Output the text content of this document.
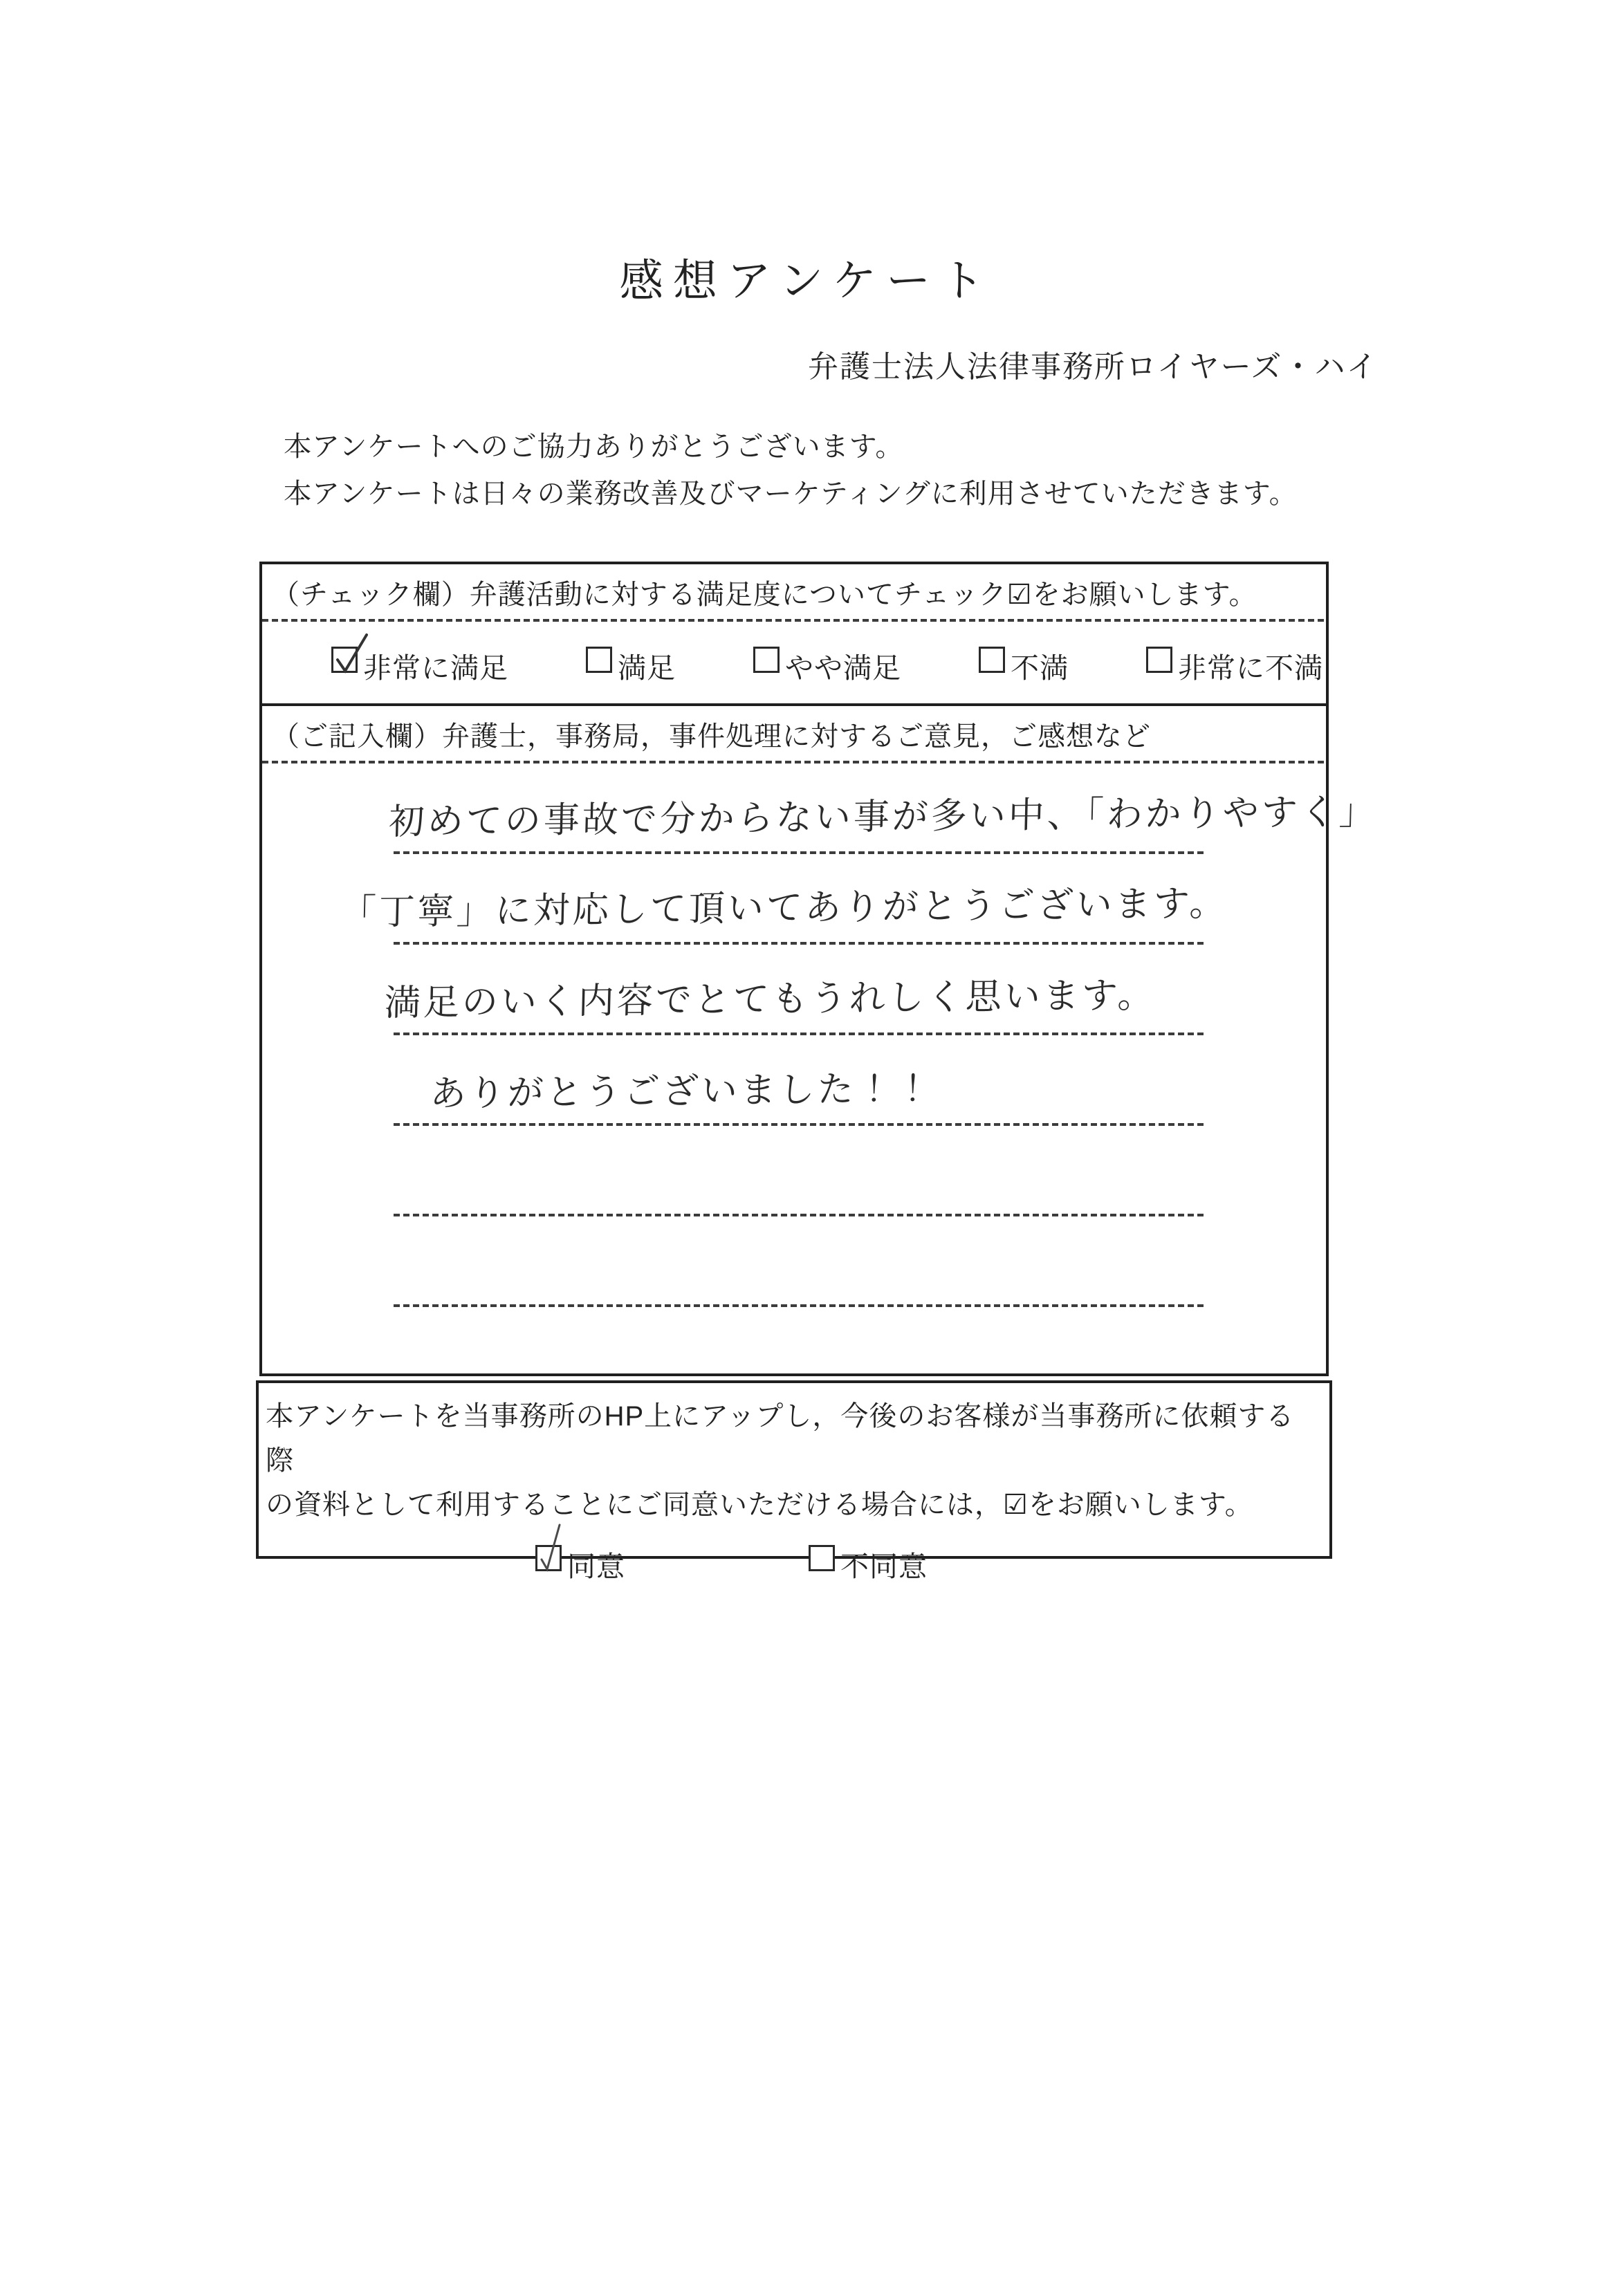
感想アンケート
弁護士法人法律事務所ロイヤーズ・ハイ

本アンケートへのご協力ありがとうございます。

本アンケートは日々の業務改善及びマーケティングに利用させていただきます。

（チェック欄）弁護活動に対する満足度についてチェック☑をお願いします。
非常に満足	満足	やや満足	不満	非常に不満
（ご記入欄）弁護士，事務局，事件処理に対するご意見，ご感想など
初めての事故で分からない事が多い中、「わかりやすく」
「丁寧」に対応して頂いてありがとうございます。
満足のいく内容でとてもうれしく思います。
ありがとうございました！！

本アンケートを当事務所のHP上にアップし，今後のお客様が当事務所に依頼する際

の資料として利用することにご同意いただける場合には，☑をお願いします。

同意	不同意
